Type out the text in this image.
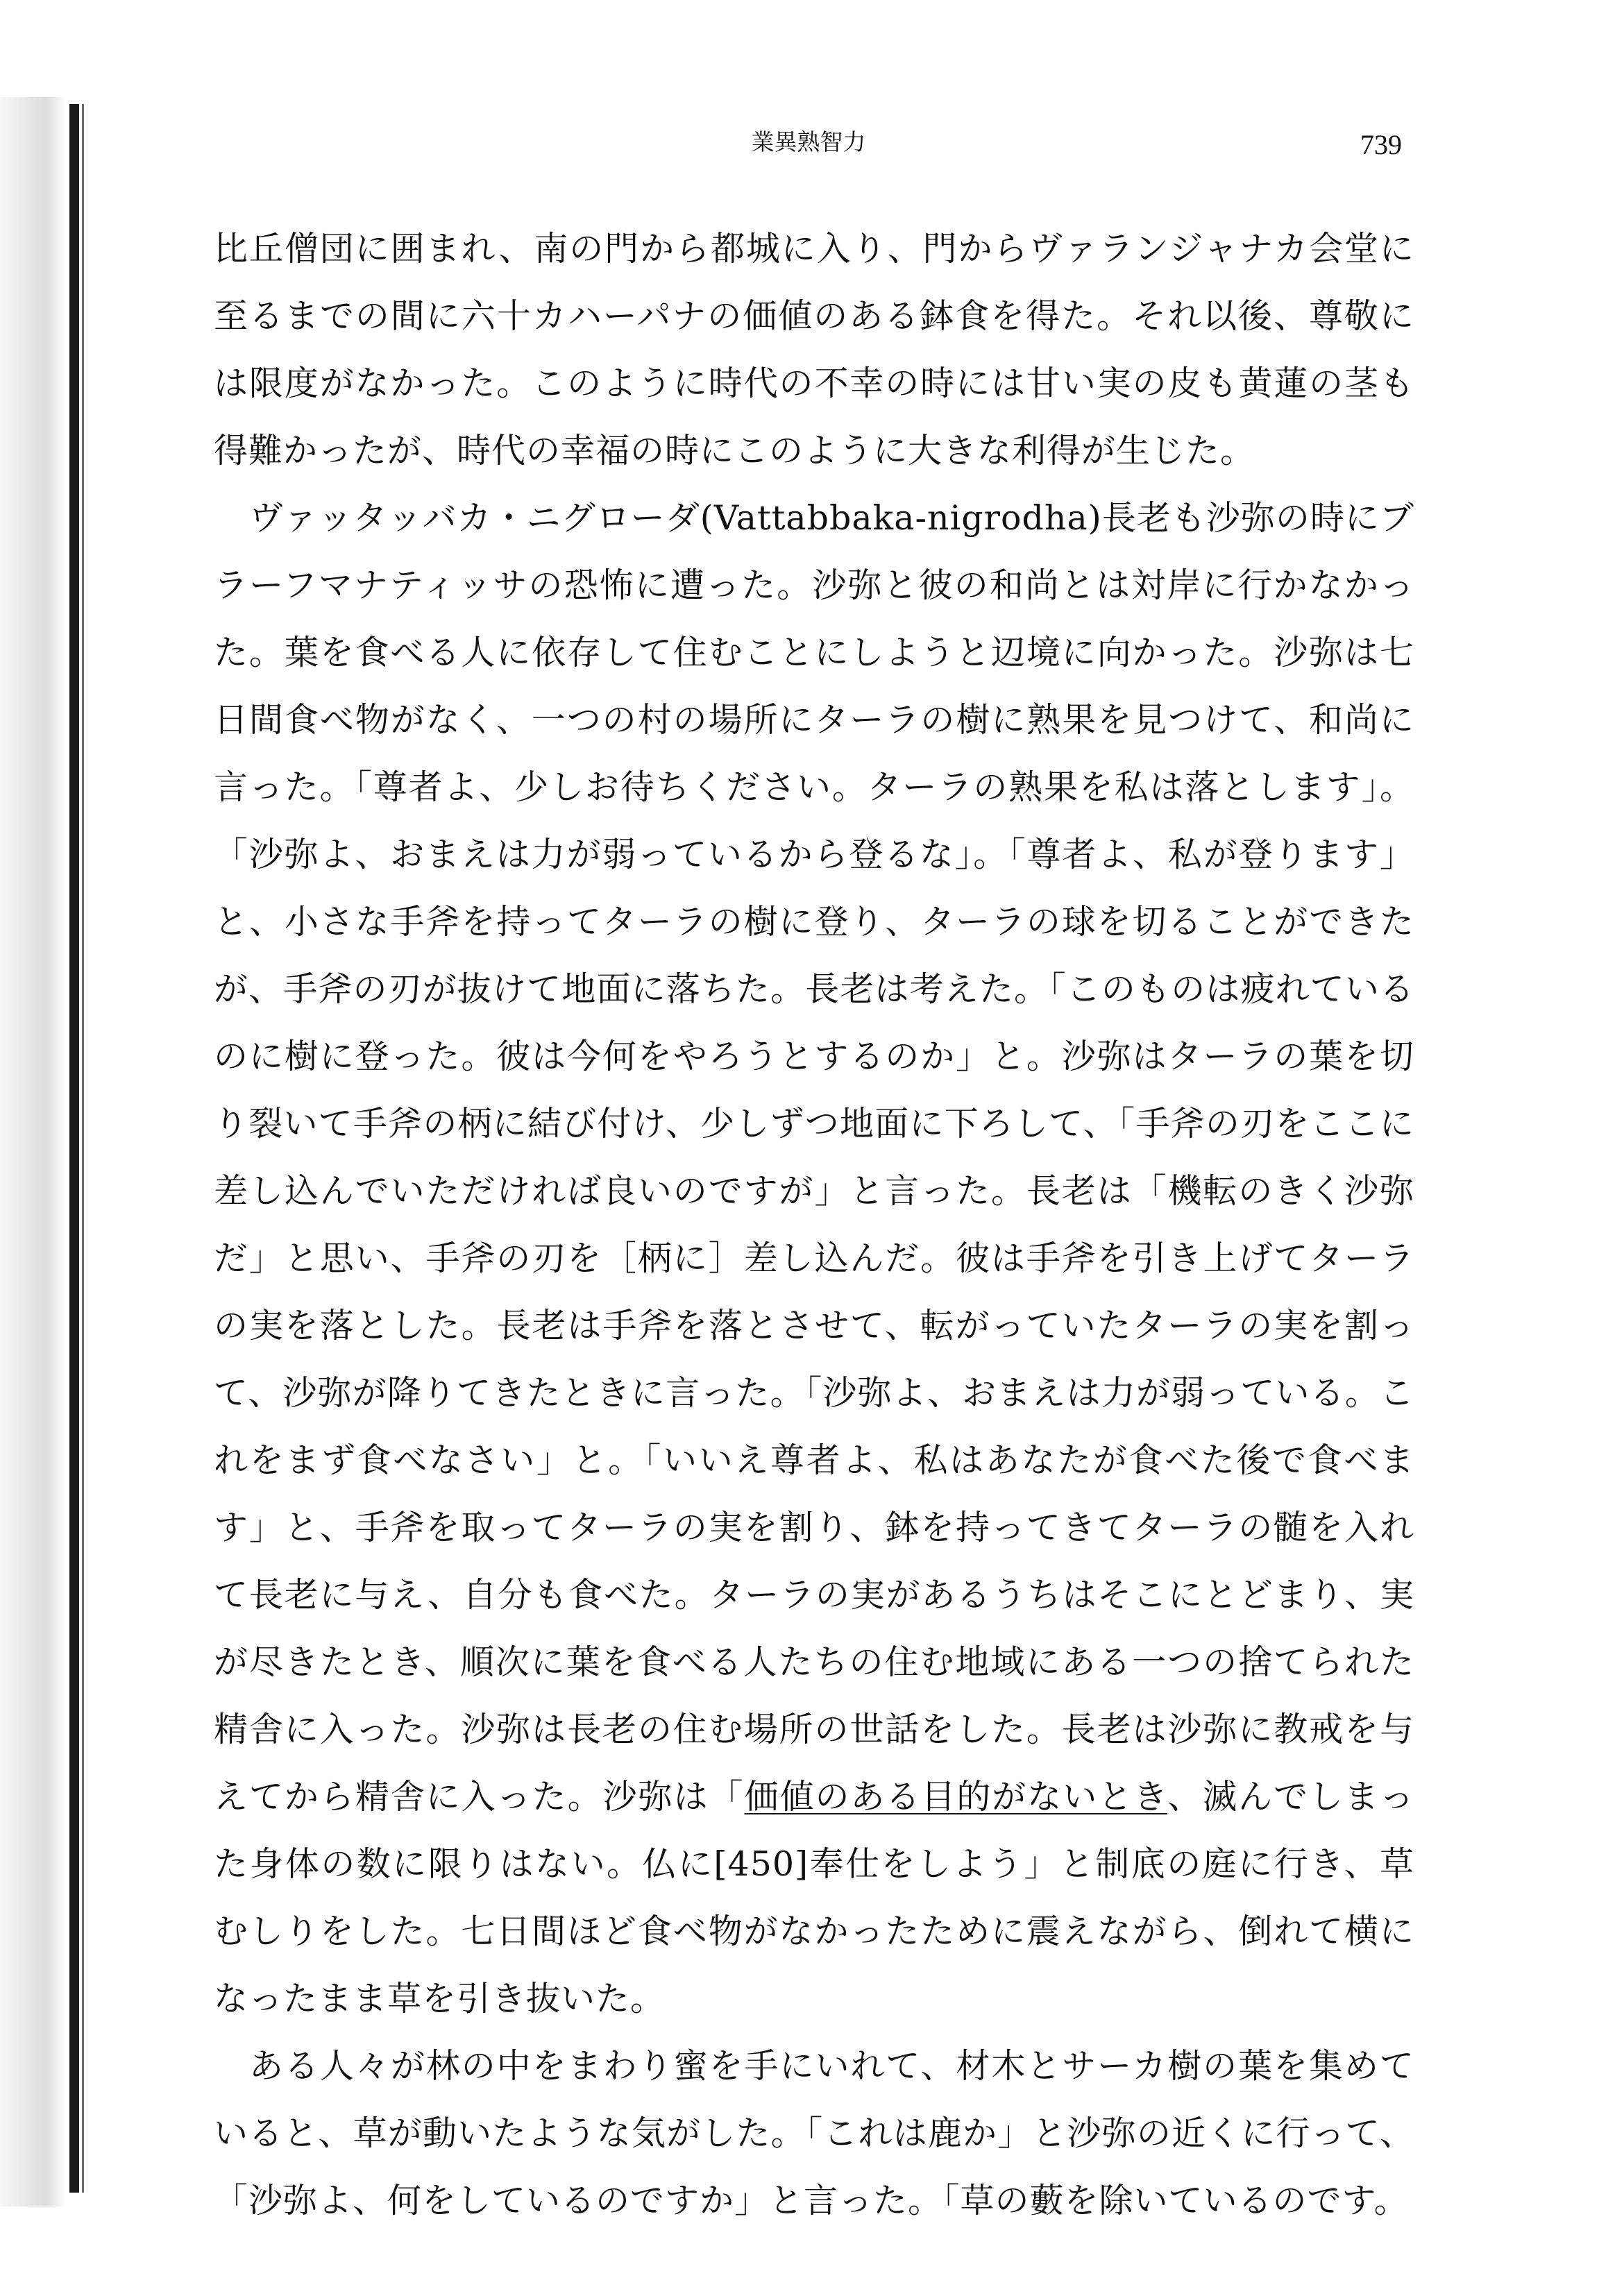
業異熟智力	739

比丘僧団に囲まれ、南の門から都城に入り、門からヴァランジャナカ会堂に至るまでの間に六十カハーパナの価値のある鉢食を得た。それ以後、尊敬には限度がなかった。このように時代の不幸の時には甘い実の皮も黄蓮の茎も得難かったが、時代の幸福の時にこのように大きな利得が生じた。

ヴァッタッバカ・ニグローダ(Vattabbaka-nigrodha)長老も沙弥の時にブラーフマナティッサの恐怖に遭った。沙弥と彼の和尚とは対岸に行かなかった。葉を食べる人に依存して住むことにしようと辺境に向かった。沙弥は七日間食べ物がなく、一つの村の場所にターラの樹に熟果を見つけて、和尚に言った。「尊者よ、少しお待ちください。ターラの熟果を私は落とします」。「沙弥よ、おまえは力が弱っているから登るな」。「尊者よ、私が登ります」と、小さな手斧を持ってターラの樹に登り、ターラの球を切ることができたが、手斧の刃が抜けて地面に落ちた。長老は考えた。「このものは疲れているのに樹に登った。彼は今何をやろうとするのか」と。沙弥はターラの葉を切り裂いて手斧の柄に結び付け、少しずつ地面に下ろして、「手斧の刃をここに差し込んでいただければ良いのですが」と言った。長老は「機転のきく沙弥だ」と思い、手斧の刃を［柄に］差し込んだ。彼は手斧を引き上げてターラの実を落とした。長老は手斧を落とさせて、転がっていたターラの実を割って、沙弥が降りてきたときに言った。「沙弥よ、おまえは力が弱っている。これをまず食べなさい」と。「いいえ尊者よ、私はあなたが食べた後で食べます」と、手斧を取ってターラの実を割り、鉢を持ってきてターラの髄を入れて長老に与え、自分も食べた。ターラの実があるうちはそこにとどまり、実が尽きたとき、順次に葉を食べる人たちの住む地域にある一つの捨てられた精舎に入った。沙弥は長老の住む場所の世話をした。長老は沙弥に教戒を与えてから精舎に入った。沙弥は「価値のある目的がないとき、滅んでしまった身体の数に限りはない。仏に[450]奉仕をしよう」と制底の庭に行き、草むしりをした。七日間ほど食べ物がなかったために震えながら、倒れて横になったまま草を引き抜いた。

ある人々が林の中をまわり蜜を手にいれて、材木とサーカ樹の葉を集めていると、草が動いたような気がした。「これは鹿か」と沙弥の近くに行って、「沙弥よ、何をしているのですか」と言った。「草の藪を除いているのです。
